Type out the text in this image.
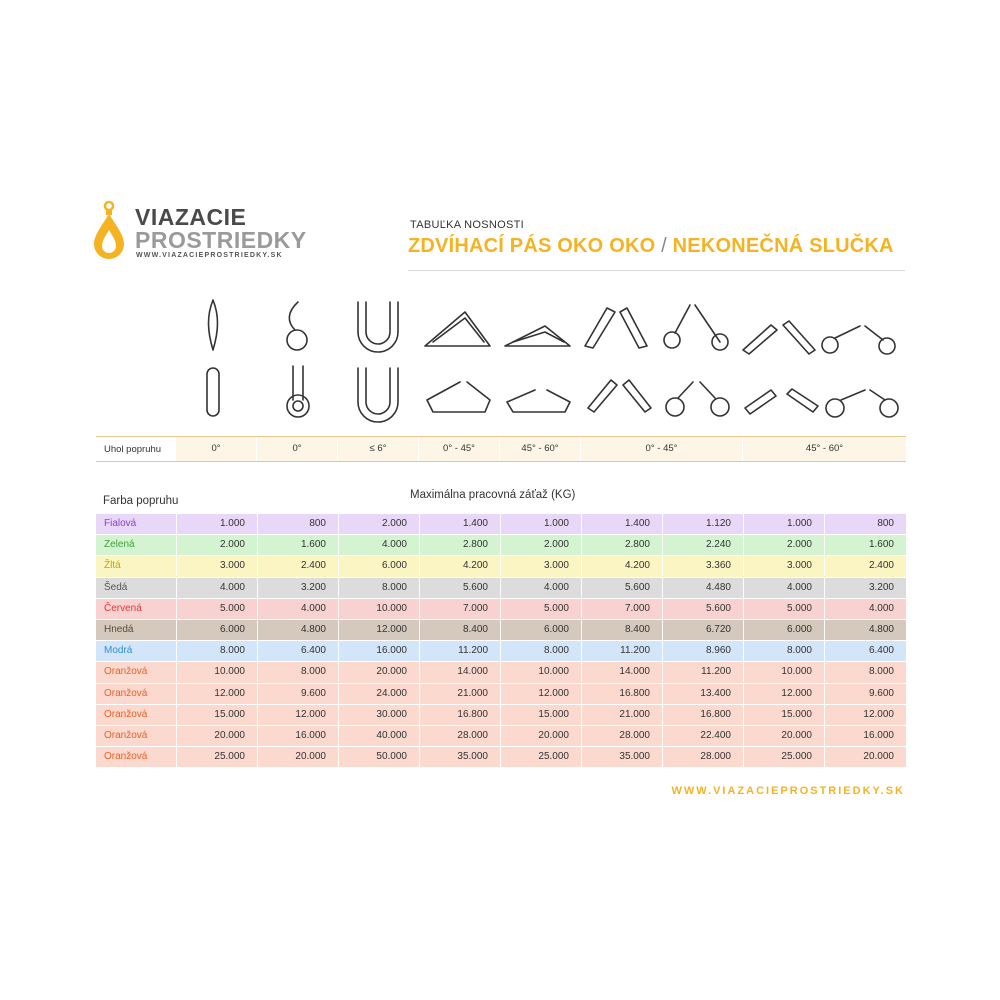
VIAZACIE
PROSTRIEDKY
WWW.VIAZACIEPROSTRIEDKY.SK
TABUĽKA NOSNOSTI
ZDVÍHACÍ PÁS OKO OKO / NEKONEČNÁ SLUČKA
Uhol popruhu	0°	0°	≤ 6°	0° - 45°	45° - 60°	0° - 45°	45° - 60°
Farba popruhu	Maximálna pracovná záťaž (KG)
Fialová	1.000	800	2.000	1.400	1.000	1.400	1.120	1.000	800
Zelená	2.000	1.600	4.000	2.800	2.000	2.800	2.240	2.000	1.600
Žltá	3.000	2.400	6.000	4.200	3.000	4.200	3.360	3.000	2.400
Šedá	4.000	3.200	8.000	5.600	4.000	5.600	4.480	4.000	3.200
Červená	5.000	4.000	10.000	7.000	5.000	7.000	5.600	5.000	4.000
Hnedá	6.000	4.800	12.000	8.400	6.000	8.400	6.720	6.000	4.800
Modrá	8.000	6.400	16.000	11.200	8.000	11.200	8.960	8.000	6.400
Oranžová	10.000	8.000	20.000	14.000	10.000	14.000	11.200	10.000	8.000
Oranžová	12.000	9.600	24.000	21.000	12.000	16.800	13.400	12.000	9.600
Oranžová	15.000	12.000	30.000	16.800	15.000	21.000	16.800	15.000	12.000
Oranžová	20.000	16.000	40.000	28.000	20.000	28.000	22.400	20.000	16.000
Oranžová	25.000	20.000	50.000	35.000	25.000	35.000	28.000	25.000	20.000
WWW.VIAZACIEPROSTRIEDKY.SK
